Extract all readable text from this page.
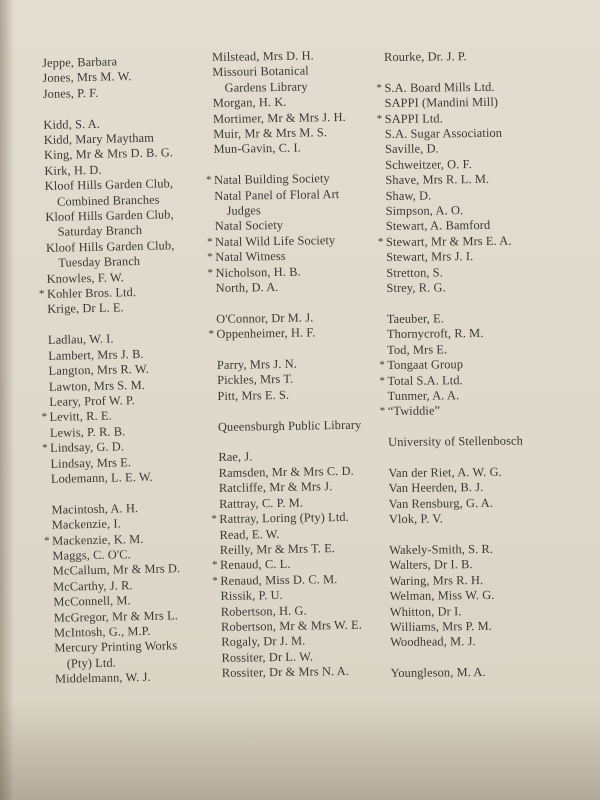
Jeppe, Barbara
Jones, Mrs M. W.
Jones, P. F.
Kidd, S. A.
Kidd, Mary Maytham
King, Mr & Mrs D. B. G.
Kirk, H. D.
Kloof Hills Garden Club,
Combined Branches
Kloof Hills Garden Club,
Saturday Branch
Kloof Hills Garden Club,
Tuesday Branch
Knowles, F. W.
* Kohler Bros. Ltd.
Krige, Dr L. E.
Ladlau, W. I.
Lambert, Mrs J. B.
Langton, Mrs R. W.
Lawton, Mrs S. M.
Leary, Prof W. P.
* Levitt, R. E.
Lewis, P. R. B.
* Lindsay, G. D.
Lindsay, Mrs E.
Lodemann, L. E. W.
Macintosh, A. H.
Mackenzie, I.
* Mackenzie, K. M.
Maggs, C. O'C.
McCallum, Mr & Mrs D.
McCarthy, J. R.
McConnell, M.
McGregor, Mr & Mrs L.
McIntosh, G., M.P.
Mercury Printing Works
(Pty) Ltd.
Middelmann, W. J.
Milstead, Mrs D. H.
Missouri Botanical
Gardens Library
Morgan, H. K.
Mortimer, Mr & Mrs J. H.
Muir, Mr & Mrs M. S.
Mun-Gavin, C. I.
* Natal Building Society
Natal Panel of Floral Art
Judges
Natal Society
* Natal Wild Life Society
* Natal Witness
* Nicholson, H. B.
North, D. A.
O'Connor, Dr M. J.
* Oppenheimer, H. F.
Parry, Mrs J. N.
Pickles, Mrs T.
Pitt, Mrs E. S.
Queensburgh Public Library
Rae, J.
Ramsden, Mr & Mrs C. D.
Ratcliffe, Mr & Mrs J.
Rattray, C. P. M.
* Rattray, Loring (Pty) Ltd.
Read, E. W.
Reilly, Mr & Mrs T. E.
* Renaud, C. L.
* Renaud, Miss D. C. M.
Rissik, P. U.
Robertson, H. G.
Robertson, Mr & Mrs W. E.
Rogaly, Dr J. M.
Rossiter, Dr L. W.
Rossiter, Dr & Mrs N. A.
Rourke, Dr. J. P.
* S.A. Board Mills Ltd.
SAPPI (Mandini Mill)
* SAPPI Ltd.
S.A. Sugar Association
Saville, D.
Schweitzer, O. F.
Shave, Mrs R. L. M.
Shaw, D.
Simpson, A. O.
Stewart, A. Bamford
* Stewart, Mr & Mrs E. A.
Stewart, Mrs J. I.
Stretton, S.
Strey, R. G.
Taeuber, E.
Thornycroft, R. M.
Tod, Mrs E.
* Tongaat Group
* Total S.A. Ltd.
Tunmer, A. A.
* “Twiddie”
University of Stellenbosch
Van der Riet, A. W. G.
Van Heerden, B. J.
Van Rensburg, G. A.
Vlok, P. V.
Wakely-Smith, S. R.
Walters, Dr I. B.
Waring, Mrs R. H.
Welman, Miss W. G.
Whitton, Dr I.
Williams, Mrs P. M.
Woodhead, M. J.
Youngleson, M. A.
